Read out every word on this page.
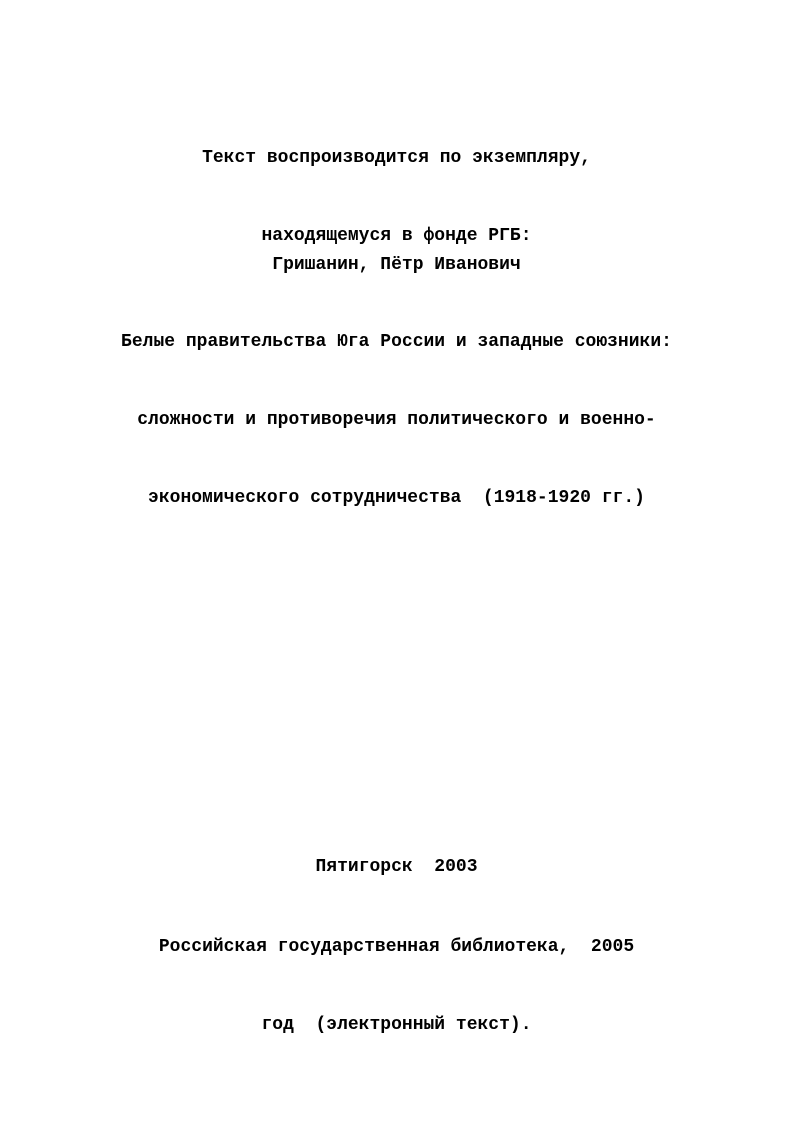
Текст воспроизводится по экземпляру,

находящемуся в фонде РГБ:

Гришанин, Пётр Иванович

Белые правительства Юга России и западные союзники:

сложности и противоречия политического и военно-

экономического сотрудничества  (1918-1920 гг.)

Пятигорск  2003

Российская государственная библиотека,  2005

год  (электронный текст).
